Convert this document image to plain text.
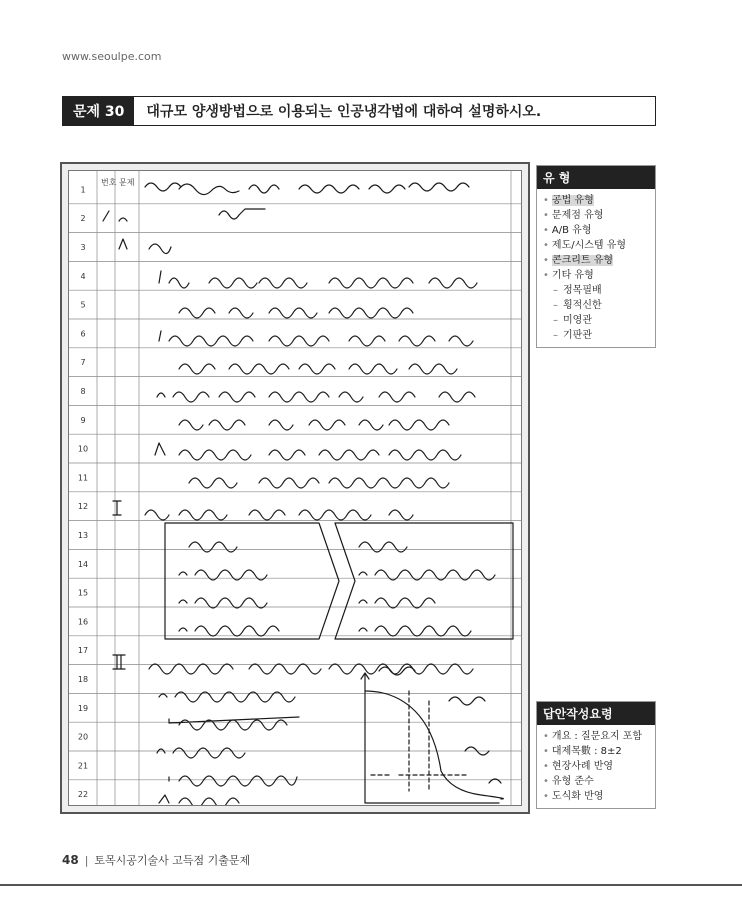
www.seoulpe.com
문제 30	대규모 양생방법으로 이용되는 인공냉각법에 대하여 설명하시오.
번호 문제
1
2
3
4
5
6
7
8
9
10
11
12
13
14
15
16
17
18
19
20
21
22
유 형
• 공법 유형
• 문제점 유형
• A/B 유형
• 제도/시스템 유형
• 콘크리트 유형
• 기타 유형
– 정목필배
– 횡적신한
– 미영관
– 기판관
답안작성요령
• 개요 : 질문요지 포함
• 대제목數 : 8±2
• 현장사례 반영
• 유형 준수
• 도식화 반영
48 | 토목시공기술사 고득점 기출문제
